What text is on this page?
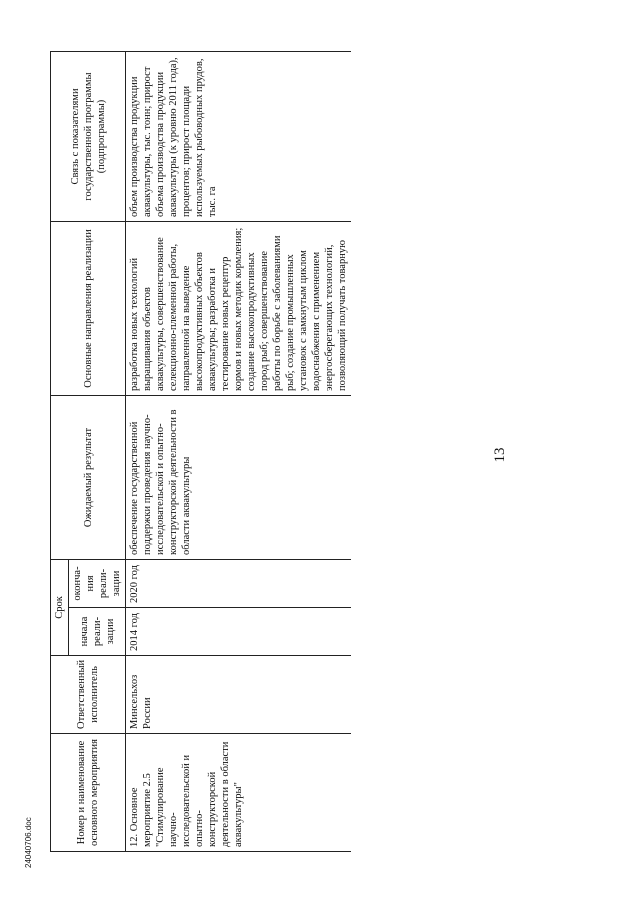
13
Номер и наименование основного мероприятия	Ответственный исполнитель	Срок		Ожидаемый результат	Основные направления реализации	Связь с показателями государственной программы (подпрограммы)
		начала реали-зации	оконча-ния реали-зации			
12. Основное мероприятие 2.5 "Стимулирование научно-исследовательской и опытно-конструкторской деятельности в области аквакультуры"	Минсельхоз России	2014 год	2020 год	обеспечение государственной поддержки проведения научно-исследовательской и опытно-конструкторской деятельности в области аквакультуры	разработка новых технологий выращивания объектов аквакультуры, совершенствование селекционно-племенной работы, направленной на выведение высокопродуктивных объектов аквакультуры; разработка и тестирование новых рецептур кормов и новых методик кормления; создание высокопродуктивных пород рыб; совершенствование работы по борьбе с заболеваниями рыб; создание промышленных установок с замкнутым циклом водоснабжения с применением энергосберегающих технологий, позволяющий получать товарную	объем производства продукции аквакультуры, тыс. тонн; прирост объема производства продукции аквакультуры (к уровню 2011 года), процентов; прирост площади используемых рыбоводных прудов, тыс. га
24040706.doc
